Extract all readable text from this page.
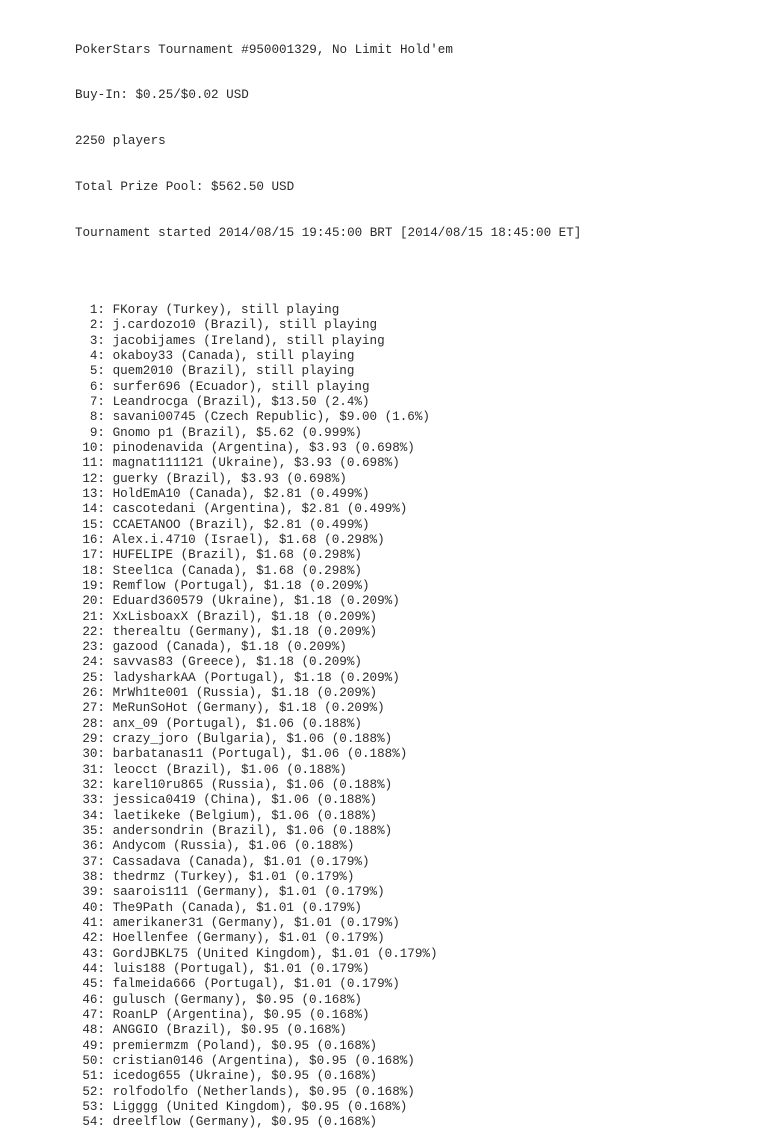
PokerStars Tournament #950001329, No Limit Hold'em

Buy-In: $0.25/$0.02 USD

2250 players

Total Prize Pool: $562.50 USD

Tournament started 2014/08/15 19:45:00 BRT [2014/08/15 18:45:00 ET]

1: FKoray (Turkey), still playing
2: j.cardozo10 (Brazil), still playing
3: jacobijames (Ireland), still playing
4: okaboy33 (Canada), still playing
5: quem2010 (Brazil), still playing
6: surfer696 (Ecuador), still playing
7: Leandrocga (Brazil), $13.50 (2.4%)
8: savani00745 (Czech Republic), $9.00 (1.6%)
9: Gnomo p1 (Brazil), $5.62 (0.999%)
10: pinodenavida (Argentina), $3.93 (0.698%)
11: magnat111121 (Ukraine), $3.93 (0.698%)
12: guerky (Brazil), $3.93 (0.698%)
13: HoldEmA10 (Canada), $2.81 (0.499%)
14: cascotedani (Argentina), $2.81 (0.499%)
15: CCAETANOO (Brazil), $2.81 (0.499%)
16: Alex.i.4710 (Israel), $1.68 (0.298%)
17: HUFELIPE (Brazil), $1.68 (0.298%)
18: Steel1ca (Canada), $1.68 (0.298%)
19: Remflow (Portugal), $1.18 (0.209%)
20: Eduard360579 (Ukraine), $1.18 (0.209%)
21: XxLisboaxX (Brazil), $1.18 (0.209%)
22: therealtu (Germany), $1.18 (0.209%)
23: gazood (Canada), $1.18 (0.209%)
24: savvas83 (Greece), $1.18 (0.209%)
25: ladysharkAA (Portugal), $1.18 (0.209%)
26: MrWh1te001 (Russia), $1.18 (0.209%)
27: MeRunSoHot (Germany), $1.18 (0.209%)
28: anx_09 (Portugal), $1.06 (0.188%)
29: crazy_joro (Bulgaria), $1.06 (0.188%)
30: barbatanas11 (Portugal), $1.06 (0.188%)
31: leocct (Brazil), $1.06 (0.188%)
32: karel10ru865 (Russia), $1.06 (0.188%)
33: jessica0419 (China), $1.06 (0.188%)
34: laetikeke (Belgium), $1.06 (0.188%)
35: andersondrin (Brazil), $1.06 (0.188%)
36: Andycom (Russia), $1.06 (0.188%)
37: Cassadava (Canada), $1.01 (0.179%)
38: thedrmz (Turkey), $1.01 (0.179%)
39: saarois111 (Germany), $1.01 (0.179%)
40: The9Path (Canada), $1.01 (0.179%)
41: amerikaner31 (Germany), $1.01 (0.179%)
42: Hoellenfee (Germany), $1.01 (0.179%)
43: GordJBKL75 (United Kingdom), $1.01 (0.179%)
44: luis188 (Portugal), $1.01 (0.179%)
45: falmeida666 (Portugal), $1.01 (0.179%)
46: gulusch (Germany), $0.95 (0.168%)
47: RoanLP (Argentina), $0.95 (0.168%)
48: ANGGIO (Brazil), $0.95 (0.168%)
49: premiermzm (Poland), $0.95 (0.168%)
50: cristian0146 (Argentina), $0.95 (0.168%)
51: icedog655 (Ukraine), $0.95 (0.168%)
52: rolfodolfo (Netherlands), $0.95 (0.168%)
53: Ligggg (United Kingdom), $0.95 (0.168%)
54: dreelflow (Germany), $0.95 (0.168%)
